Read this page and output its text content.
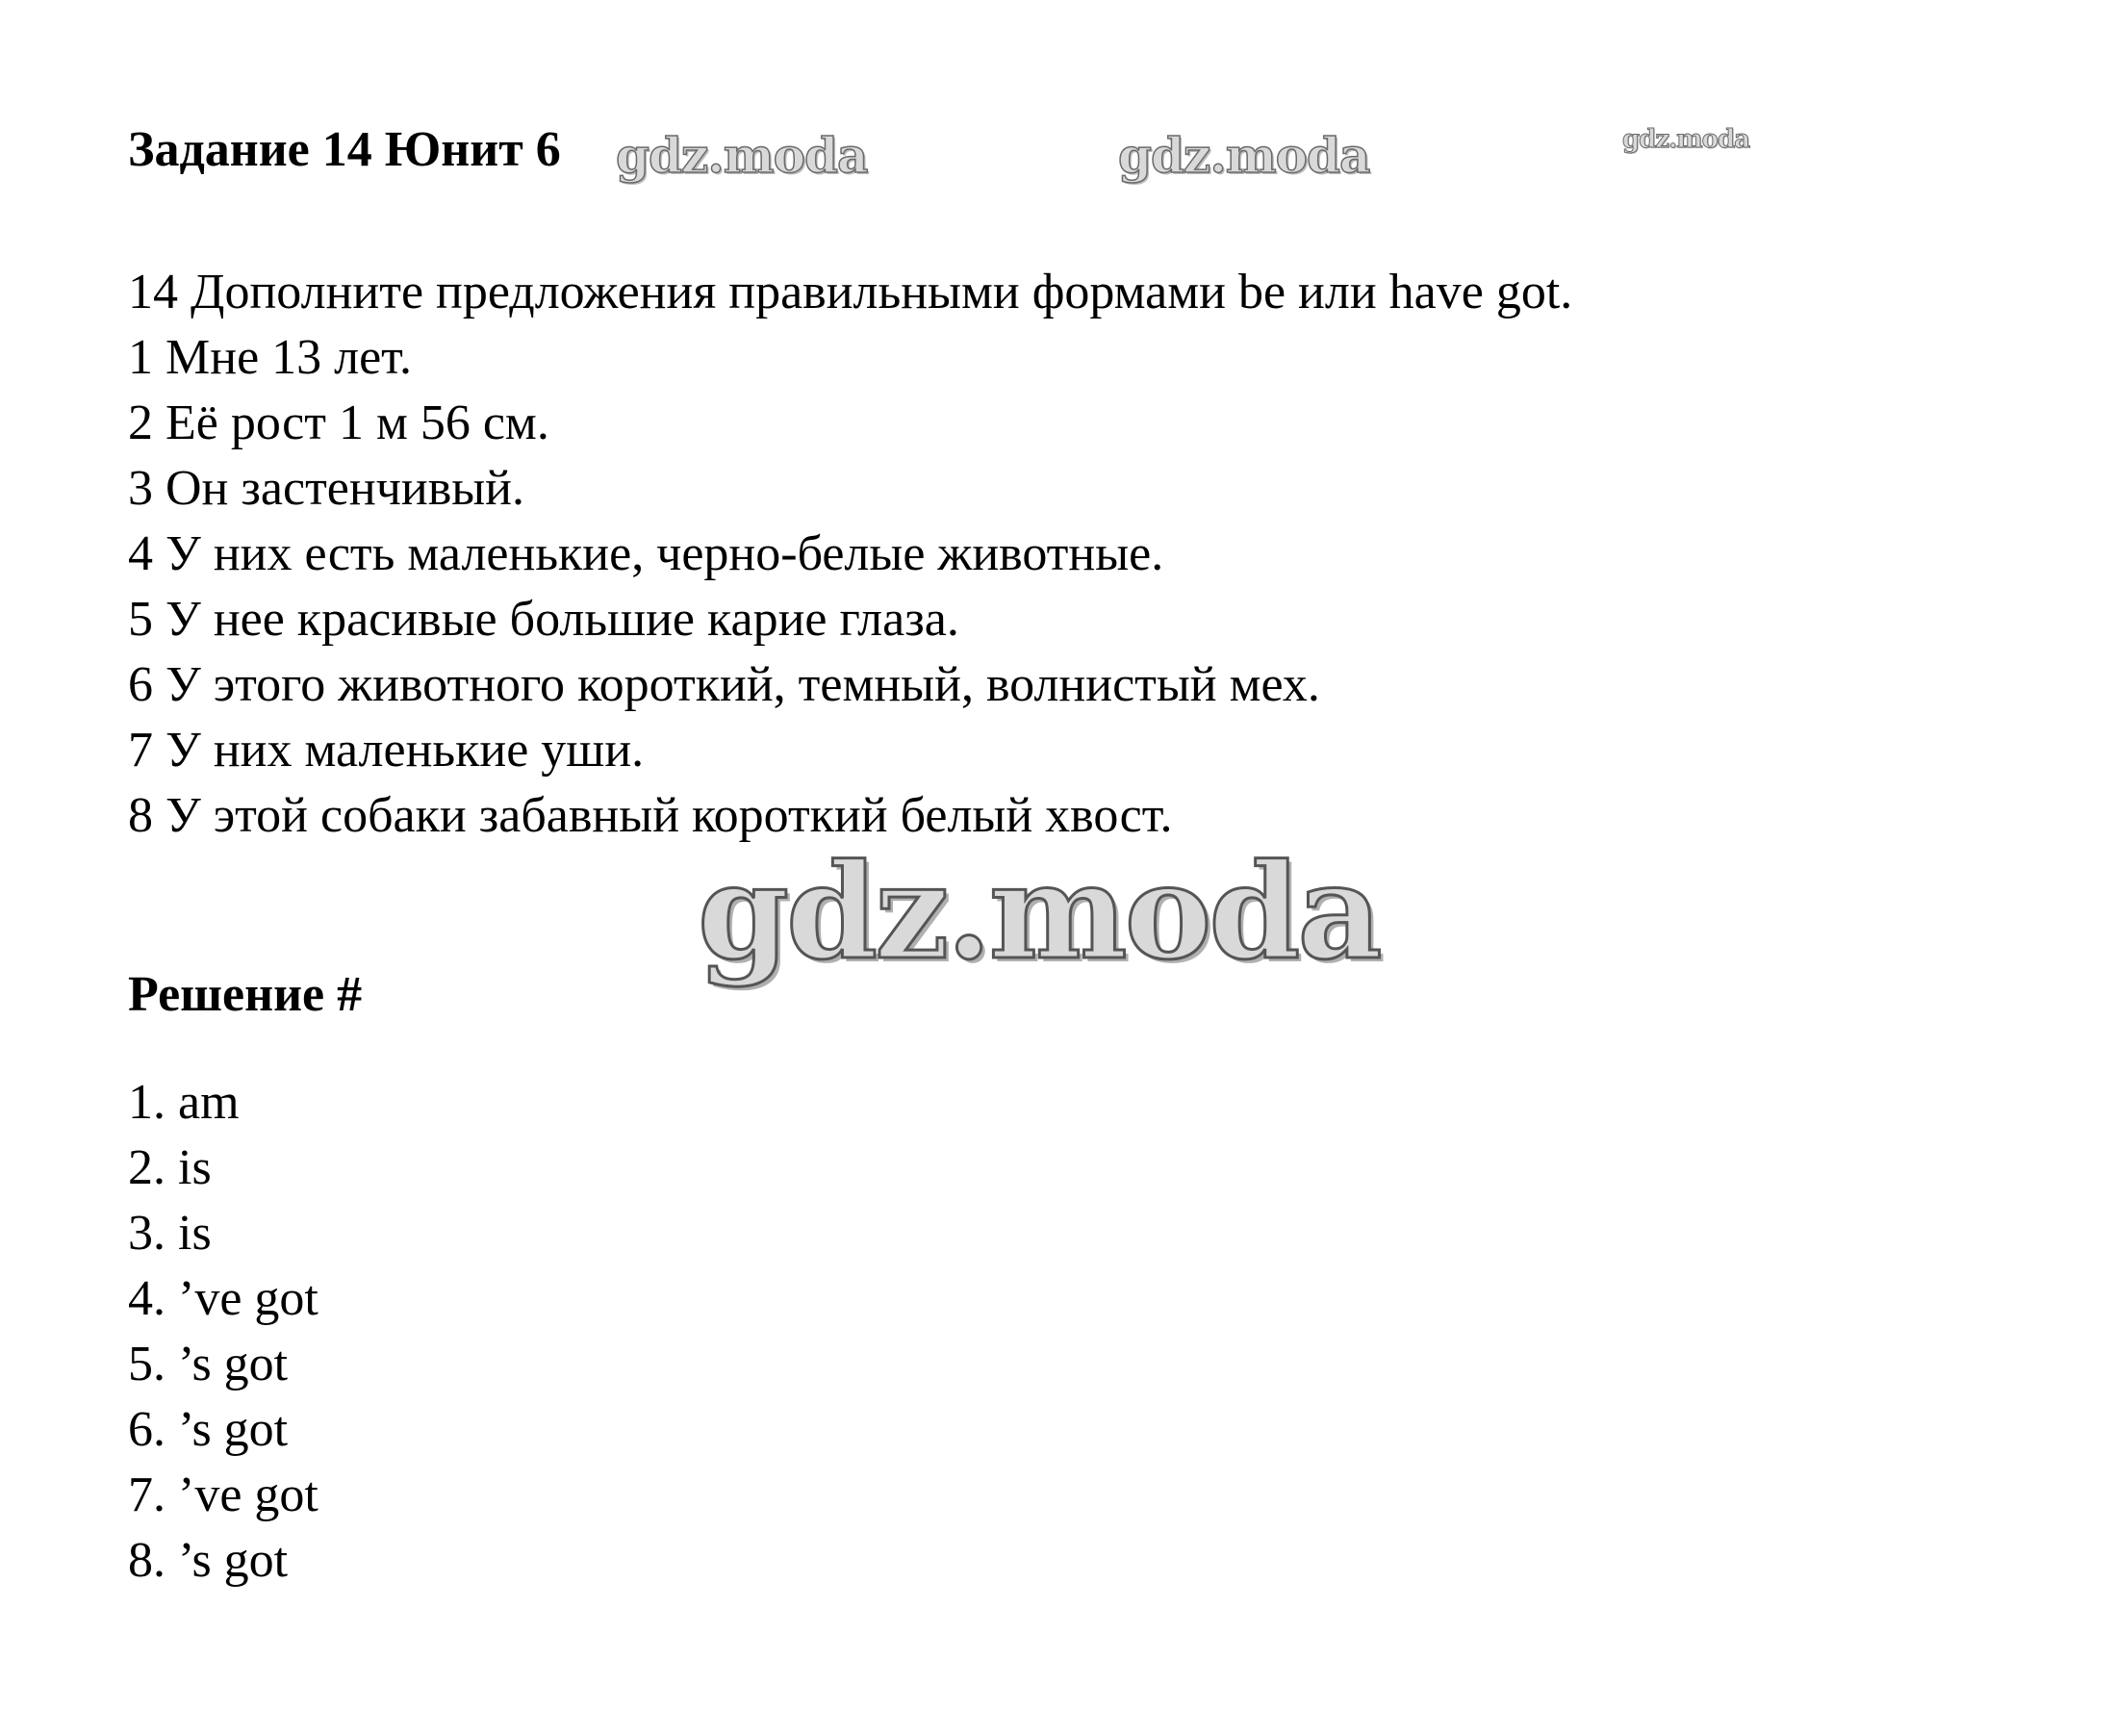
Задание 14 Юнит 6 gdz.moda	gdz.moda	gdz.moda
14 Дополните предложения правильными формами be или have got.
1 Мне 13 лет.
2 Её рост 1 м 56 см.
3 Он застенчивый.
4 У них есть маленькие, черно-белые животные.
5 У нее красивые большие карие глаза.
6 У этого животного короткий, темный, волнистый мех.
7 У них маленькие уши.
8 У этой собаки забавный короткий белый хвост.
gdz.moda
Решение #
1. am
2. is
3. is
4. ’ve got
5. ’s got
6. ’s got
7. ’ve got
8. ’s got
